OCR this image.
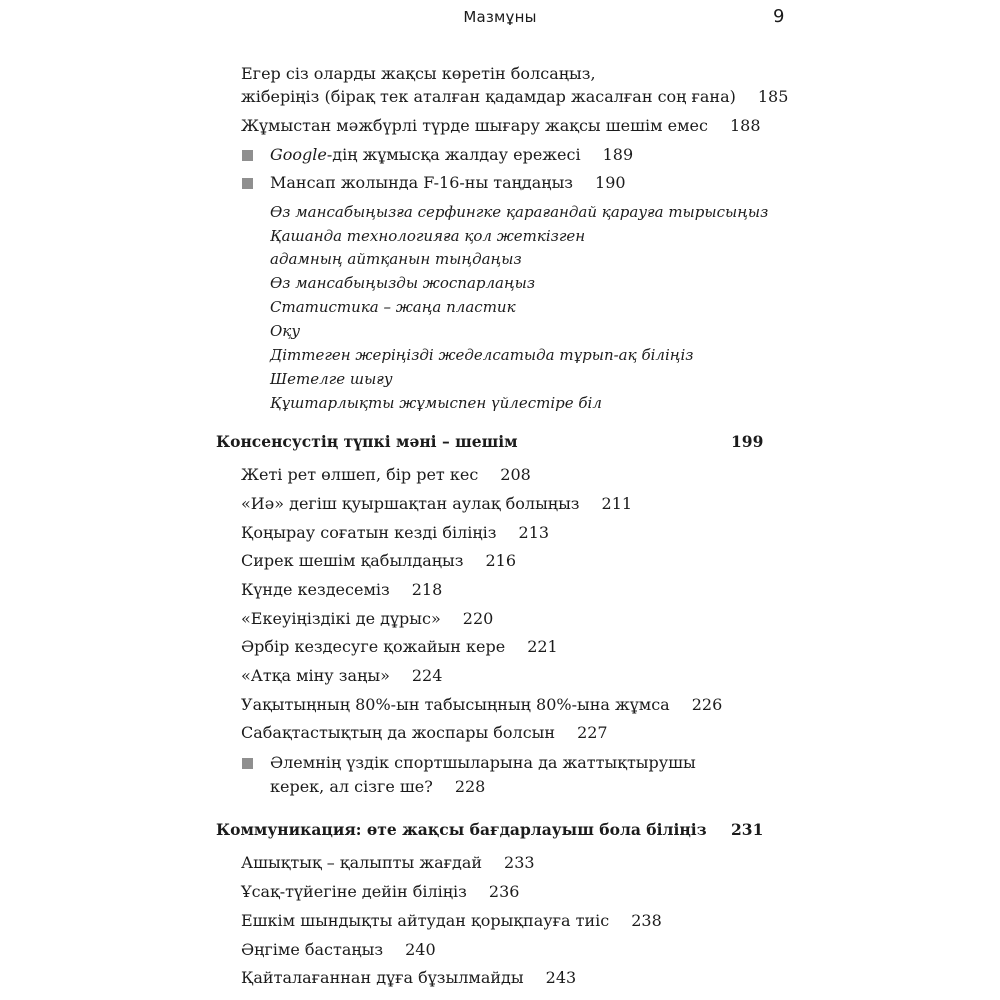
Мазмұны	9
Егер сіз оларды жақсы көретін болсаңыз,
жіберіңіз (бірақ тек аталған қадамдар жасалған соң ғана) 185
Жұмыстан мәжбүрлі түрде шығару жақсы шешім емес 188
Google-дің жұмысқа жалдау ережесі 189
Мансап жолында F-16-ны таңдаңыз 190
Өз мансабыңызға серфингке қарағандай қарауға тырысыңыз
Қашанда технологияға қол жеткізген
адамның айтқанын тыңдаңыз
Өз мансабыңызды жоспарлаңыз
Статистика – жаңа пластик
Оқу
Діттеген жеріңізді жеделсатыда тұрып-ақ біліңіз
Шетелге шығу
Құштарлықты жұмыспен үйлестіре біл
Консенсустің түпкі мәні – шешім	199
Жеті рет өлшеп, бір рет кес 208
«Иә» дегіш қуыршақтан аулақ болыңыз 211
Қоңырау соғатын кезді біліңіз 213
Сирек шешім қабылдаңыз 216
Күнде кездесеміз 218
«Екеуіңіздікі де дұрыс» 220
Әрбір кездесуге қожайын кере 221
«Атқа міну заңы» 224
Уақытыңның 80%-ын табысыңның 80%-ына жұмса 226
Сабақтастықтың да жоспары болсын 227
Әлемнің үздік спортшыларына да жаттықтырушы
керек, ал сізге ше? 228
Коммуникация: өте жақсы бағдарлауыш бола біліңіз 231
Ашықтық – қалыпты жағдай 233
Ұсақ-түйегіне дейін біліңіз 236
Ешкім шындықты айтудан қорықпауға тиіс 238
Әңгіме бастаңыз 240
Қайталағаннан дұға бұзылмайды 243
